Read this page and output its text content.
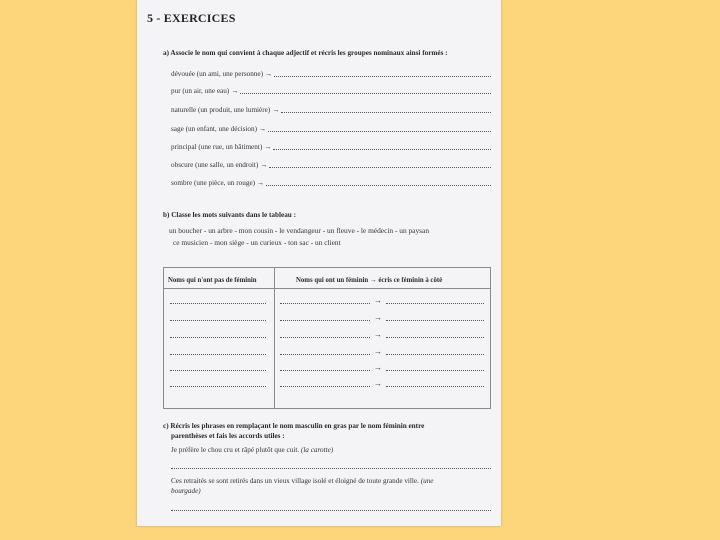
5 - EXERCICES
a) Associe le nom qui convient à chaque adjectif et récris les groupes nominaux ainsi formés :
dévouée (un ami, une personne) →
pur (un air, une eau) →
naturelle (un produit, une lumière) →
sage (un enfant, une décision) →
principal (une rue, un bâtiment) →
obscure (une salle, un endroit) →
sombre (une pièce, un rouge) →
b) Classe les mots suivants dans le tableau :
un boucher - un arbre - mon cousin - le vendangeur - un fleuve - le médecin - un paysan
ce musicien - mon siège - un curieux - ton sac - un client
Noms qui n'ont pas de féminin	Noms qui ont un féminin → écris ce féminin à côté
→
→
→
→
→
→
c) Récris les phrases en remplaçant le nom masculin en gras par le nom féminin entre
parenthèses et fais les accords utiles :
Je préfère le chou cru et râpé plutôt que cuit. (la carotte)
Ces retraités se sont retirés dans un vieux village isolé et éloigné de toute grande ville. (une
bourgade)
